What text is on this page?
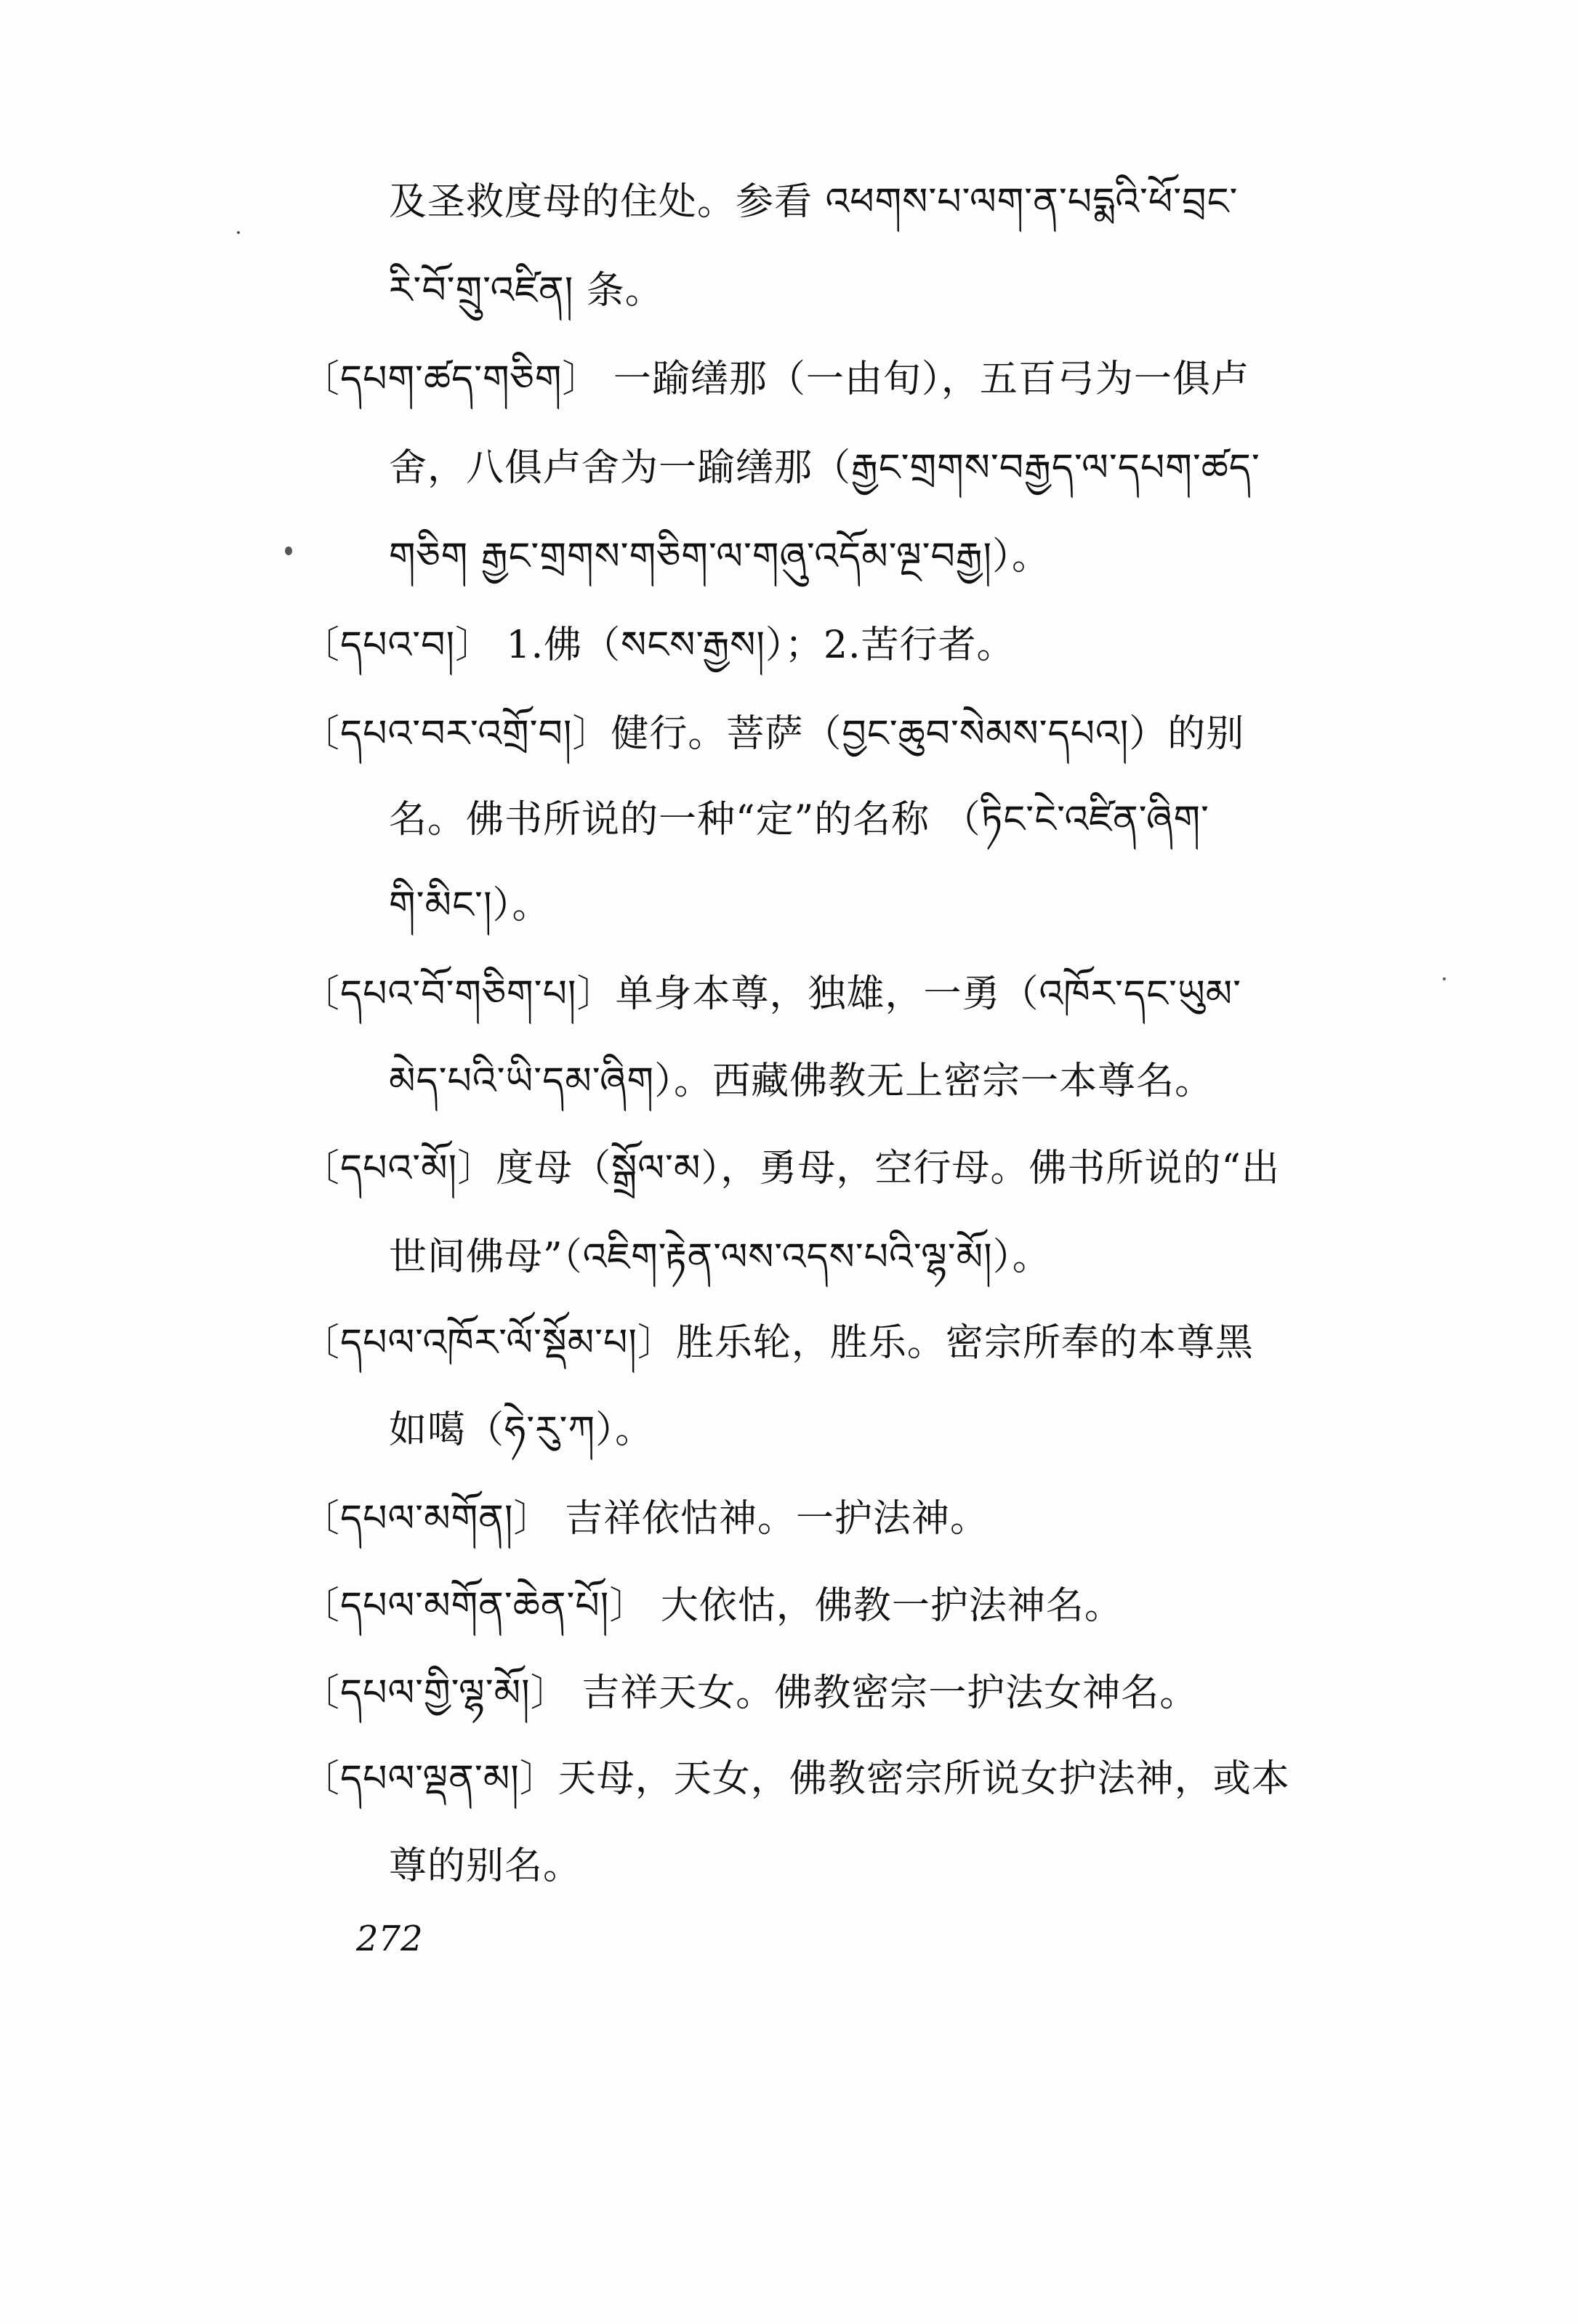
及圣救度母的住处。参看 འཕགས་པ་ལག་ན་པདྨའི་ཕོ་བྲང་
རི་བོ་གྲུ་འཛིན། 条。
〔དཔག་ཚད་གཅིག〕 一踰缮那（一由旬），五百弓为一俱卢
舍，八俱卢舍为一踰缮那（རྒྱང་གྲགས་བརྒྱད་ལ་དཔག་ཚད་
གཅིག རྒྱང་གྲགས་གཅིག་ལ་གཞུ་འདོམ་ལྔ་བརྒྱ།）。
〔དཔའ་བ།〕 1.佛（སངས་རྒྱས།）；2.苦行者。
〔དཔའ་བར་འགྲོ་བ།〕健行。菩萨（བྱང་ཆུབ་སེམས་དཔའ།）的别
名。佛书所说的一种“定”的名称 （ཏིང་ངེ་འཛིན་ཞིག་
གི་མིང་།）。
〔དཔའ་བོ་གཅིག་པ།〕单身本尊，独雄，一勇（འཁོར་དང་ཡུམ་
མེད་པའི་ཡི་དམ་ཞིག）。西藏佛教无上密宗一本尊名。
〔དཔའ་མོ།〕度母（སྒྲོལ་མ），勇母，空行母。佛书所说的“出
世间佛母”（འཇིག་རྟེན་ལས་འདས་པའི་ལྷ་མོ།）。
〔དཔལ་འཁོར་ལོ་སྡོམ་པ།〕胜乐轮，胜乐。密宗所奉的本尊黑
如噶（ཧེ་རུ་ཀ）。
〔དཔལ་མགོན།〕 吉祥依怙神。一护法神。
〔དཔལ་མགོན་ཆེན་པོ།〕 大依怙，佛教一护法神名。
〔དཔལ་གྱི་ལྷ་མོ།〕 吉祥天女。佛教密宗一护法女神名。
〔དཔལ་ལྡན་མ།〕天母，天女，佛教密宗所说女护法神，或本
尊的别名。
272
